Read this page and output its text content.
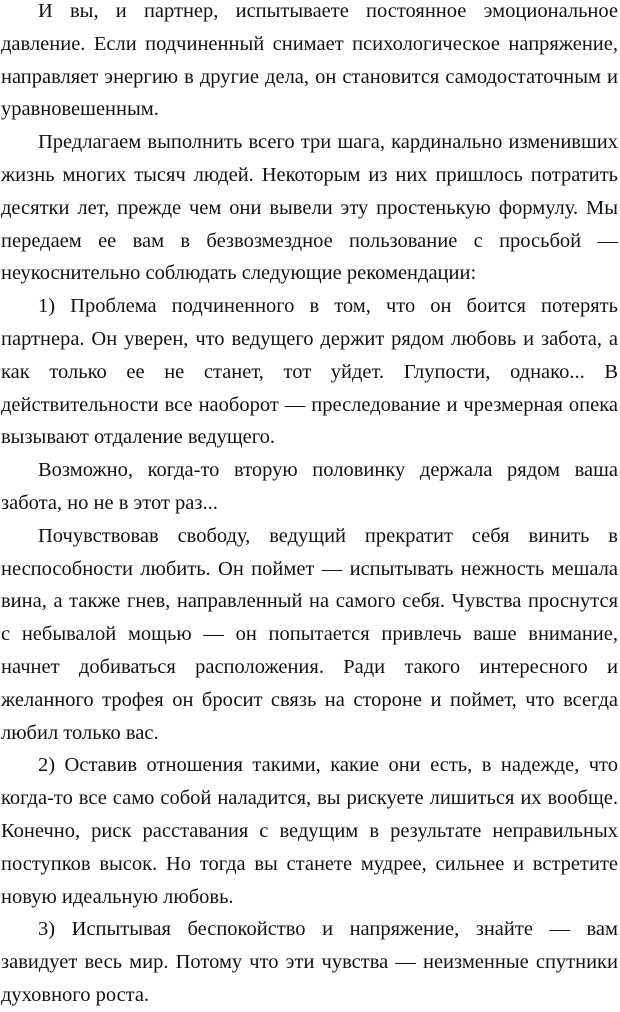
И вы, и партнер, испытываете постоянное эмоциональное давление. Если подчиненный снимает психологическое напряжение, направляет энергию в другие дела, он становится самодостаточным и уравновешенным.

Предлагаем выполнить всего три шага, кардинально изменивших жизнь многих тысяч людей. Некоторым из них пришлось потратить десятки лет, прежде чем они вывели эту простенькую формулу. Мы передаем ее вам в безвозмездное пользование с просьбой — неукоснительно соблюдать следующие рекомендации:

1) Проблема подчиненного в том, что он боится потерять партнера. Он уверен, что ведущего держит рядом любовь и забота, а как только ее не станет, тот уйдет. Глупости, однако... В действительности все наоборот — преследование и чрезмерная опека вызывают отдаление ведущего.

Возможно, когда-то вторую половинку держала рядом ваша забота, но не в этот раз...

Почувствовав свободу, ведущий прекратит себя винить в неспособности любить. Он поймет — испытывать нежность мешала вина, а также гнев, направленный на самого себя. Чувства проснутся с небывалой мощью — он попытается привлечь ваше внимание, начнет добиваться расположения. Ради такого интересного и желанного трофея он бросит связь на стороне и поймет, что всегда любил только вас.

2) Оставив отношения такими, какие они есть, в надежде, что когда-то все само собой наладится, вы рискуете лишиться их вообще. Конечно, риск расставания с ведущим в результате неправильных поступков высок. Но тогда вы станете мудрее, сильнее и встретите новую идеальную любовь.

3) Испытывая беспокойство и напряжение, знайте — вам завидует весь мир. Потому что эти чувства — неизменные спутники духовного роста.
